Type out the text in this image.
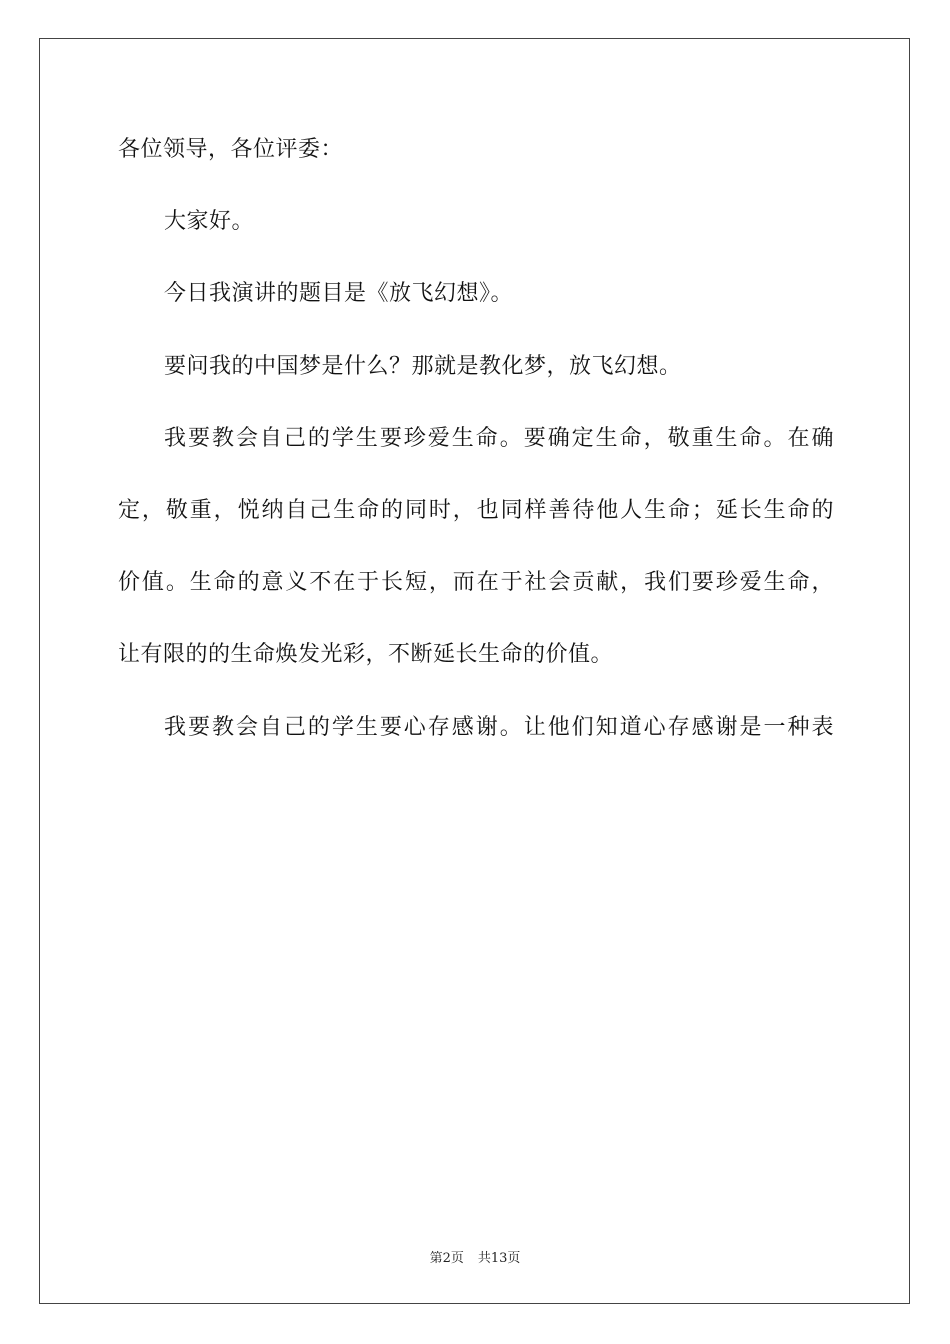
各位领导，各位评委：
大家好。
今日我演讲的题目是《放飞幻想》。
要问我的中国梦是什么？那就是教化梦，放飞幻想。
我要教会自己的学生要珍爱生命。要确定生命，敬重生命。在确
定，敬重，悦纳自己生命的同时，也同样善待他人生命；延长生命的
价值。生命的意义不在于长短，而在于社会贡献，我们要珍爱生命，
让有限的的生命焕发光彩，不断延长生命的价值。
我要教会自己的学生要心存感谢。让他们知道心存感谢是一种表
第2页 共13页
